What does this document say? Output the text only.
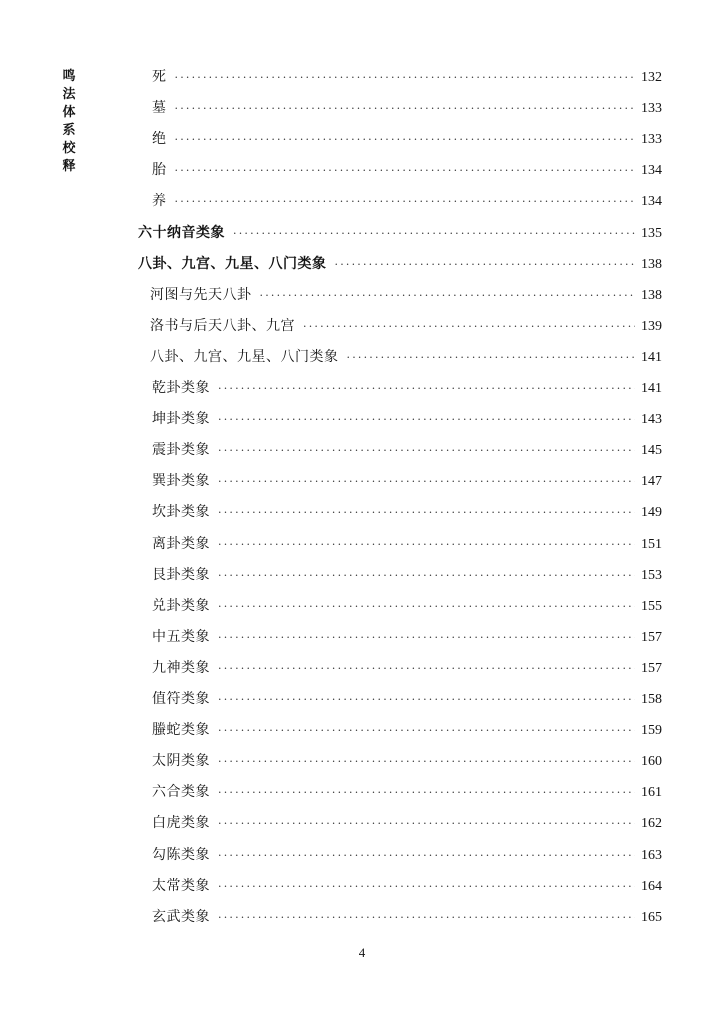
鸣法体系校释
死 ·····	132
墓 ·····	133
绝 ·····	133
胎 ·····	134
养 ·····	134
六十纳音类象 ·····	135
八卦、九宫、九星、八门类象 ·····	138
河图与先天八卦 ·····	138
洛书与后天八卦、九宫 ·····	139
八卦、九宫、九星、八门类象 ·····	141
乾卦类象 ·····	141
坤卦类象 ·····	143
震卦类象 ·····	145
巽卦类象 ·····	147
坎卦类象 ·····	149
离卦类象 ·····	151
艮卦类象 ·····	153
兑卦类象 ·····	155
中五类象 ·····	157
九神类象 ·····	157
值符类象 ·····	158
螣蛇类象 ·····	159
太阴类象 ·····	160
六合类象 ·····	161
白虎类象 ·····	162
勾陈类象 ·····	163
太常类象 ·····	164
玄武类象 ·····	165
4
